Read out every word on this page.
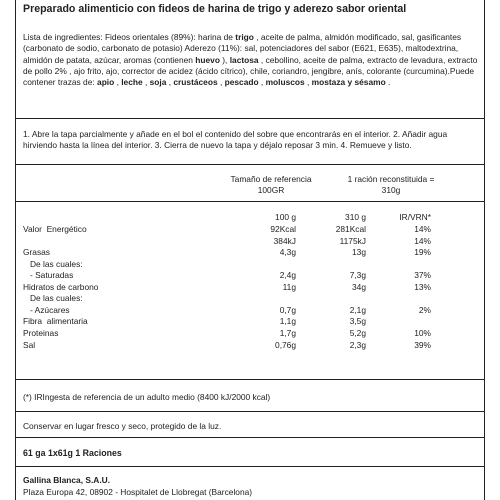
Preparado alimenticio con fideos de harina de trigo y aderezo sabor oriental
Lista de ingredientes: Fideos orientales (89%): harina de trigo , aceite de palma, almidón modificado, sal, gasificantes (carbonato de sodio, carbonato de potasio) Aderezo (11%): sal, potenciadores del sabor (E621, E635), maltodextrina, almidón de patata, azúcar, aromas (contienen huevo ), lactosa , cebollino, aceite de palma, extracto de levadura, extracto de pollo 2% , ajo frito, ajo, corrector de acidez (ácido cítrico), chile, coriandro, jengibre, anís, colorante (curcumina).Puede contener trazas de: apio , leche , soja , crustáceos , pescado , moluscos , mostaza y sésamo .
1. Abre la tapa parcialmente y añade en el bol el contenido del sobre que encontrarás en el interior. 2. Añadir agua hirviendo hasta la línea del interior. 3. Cierra de nuevo la tapa y déjalo reposar 3 min. 4. Remueve y listo.
Tamaño de referencia
100GR
1 ración reconstituida =
310g
100 g	310 g	IR/VRN*
Valor  Energético	92Kcal	281Kcal	14%
384kJ	1175kJ	14%
Grasas	4,3g	13g	19%
De las cuales:
- Saturadas	2,4g	7,3g	37%
Hidratos de carbono	11g	34g	13%
De las cuales:
- Azúcares	0,7g	2,1g	2%
Fibra  alimentaria	1,1g	3,5g
Proteinas	1,7g	5,2g	10%
Sal	0,76g	2,3g	39%
(*) IRIngesta de referencia de un adulto medio (8400 kJ/2000 kcal)
Conservar en lugar fresco y seco, protegido de la luz.
61 gа 1x61g 1 Raciones
Gallina Blanca, S.A.U.
Plaza Europa 42, 08902 - Hospitalet de Llobregat (Barcelona)
